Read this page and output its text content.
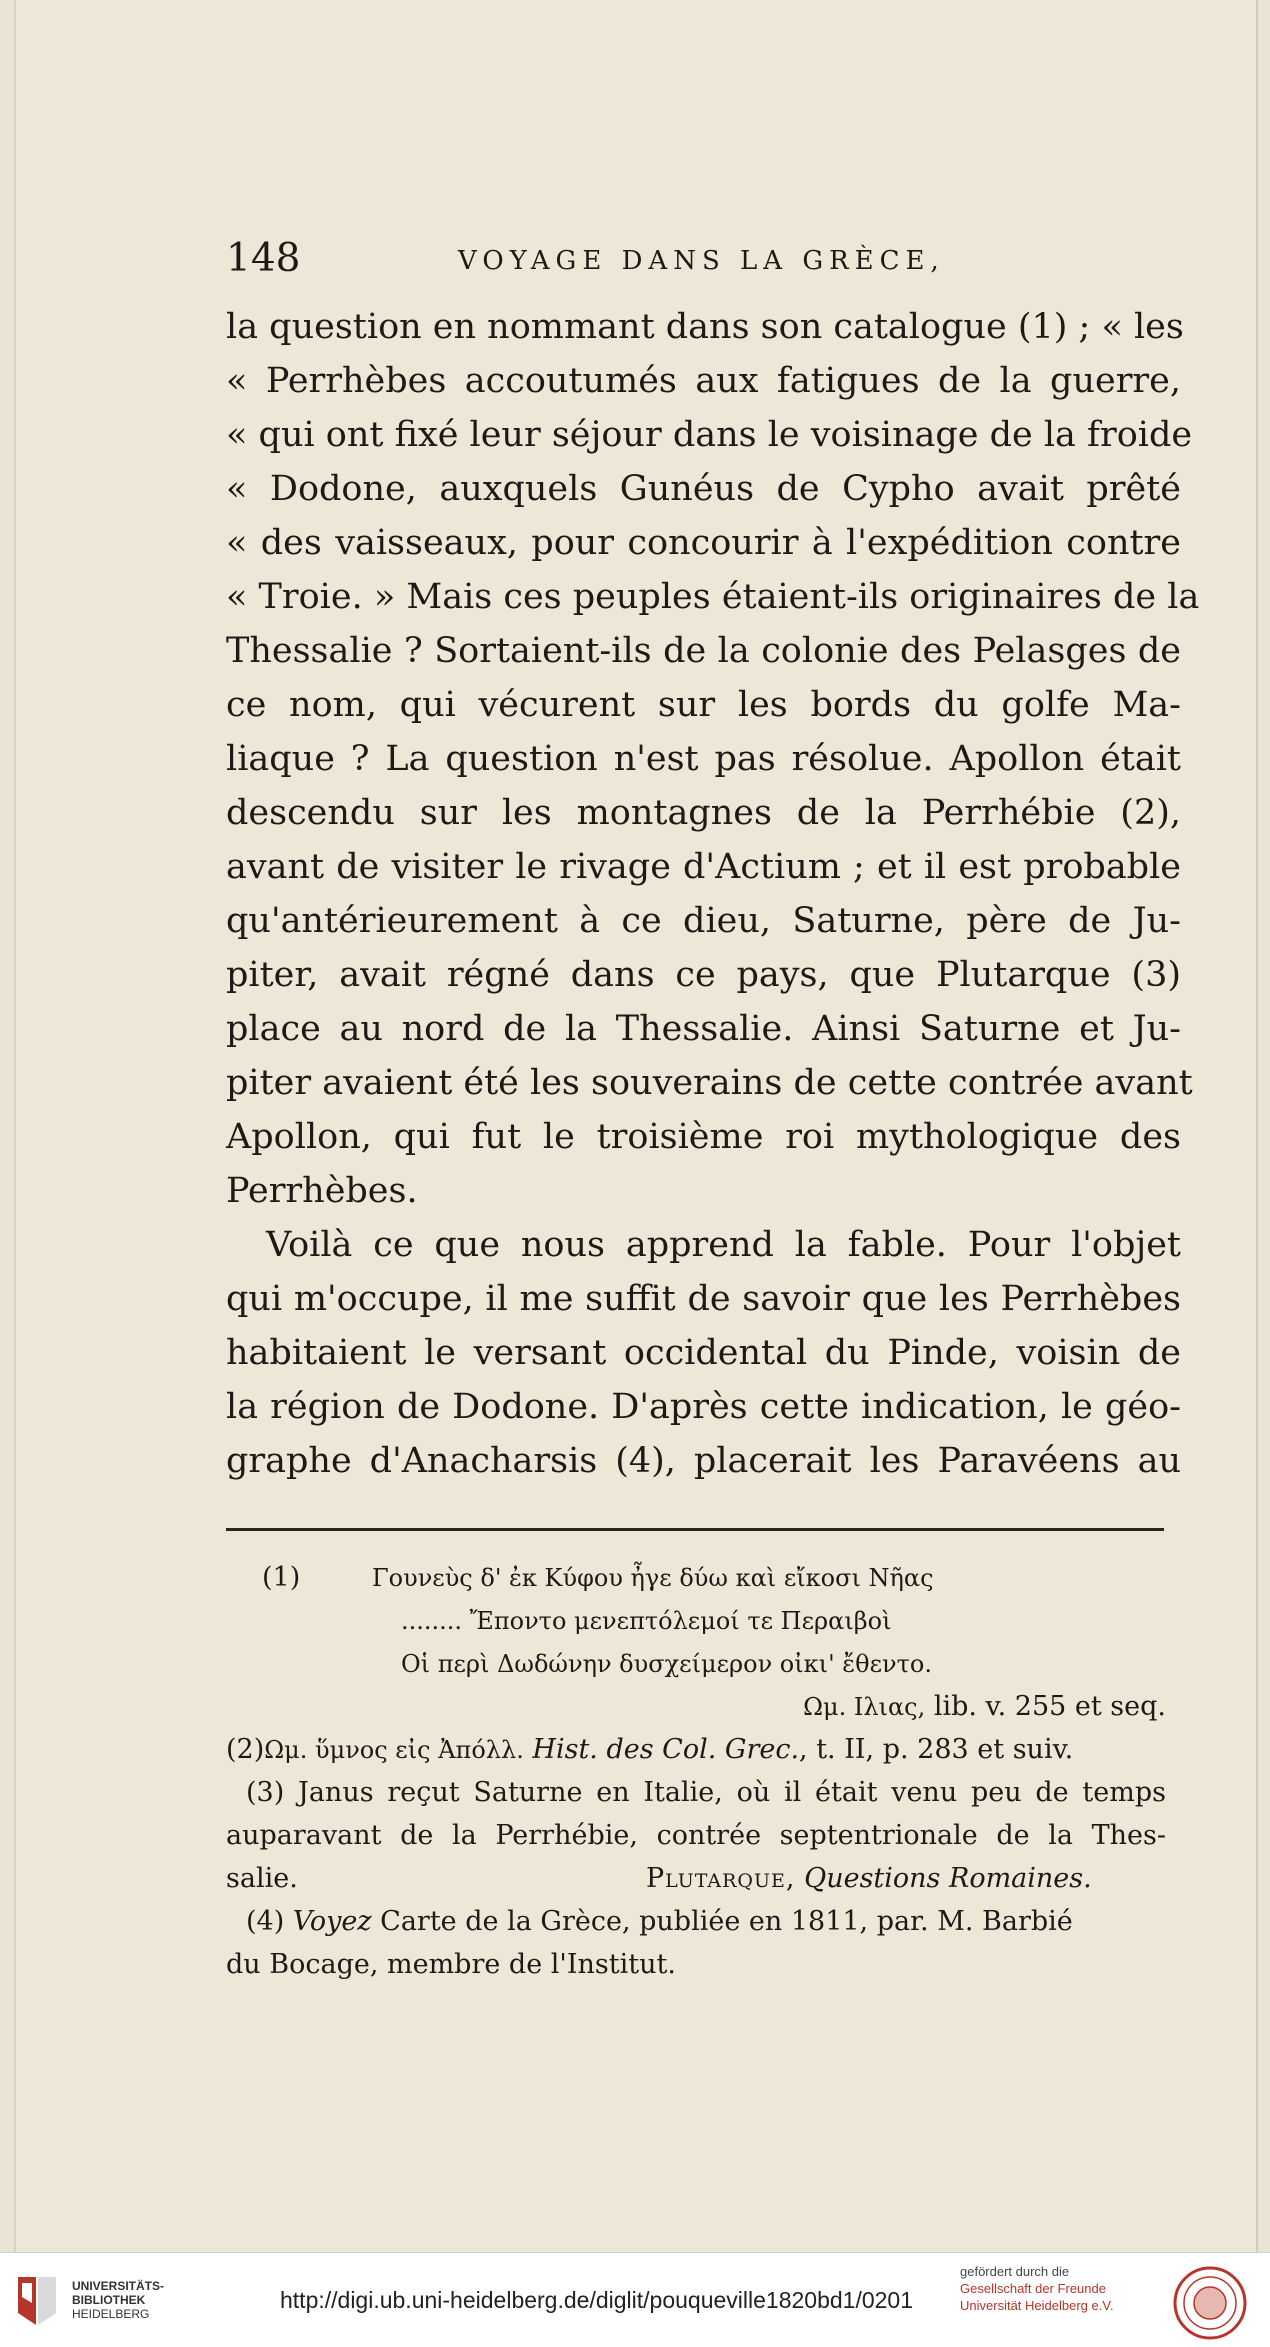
148	VOYAGE DANS LA GRÈCE,
la question en nommant dans son catalogue (1) ; « les
« Perrhèbes accoutumés aux fatigues de la guerre,
« qui ont fixé leur séjour dans le voisinage de la froide
« Dodone, auxquels Gunéus de Cypho avait prêté
« des vaisseaux, pour concourir à l'expédition contre
« Troie. » Mais ces peuples étaient-ils originaires de la
Thessalie ? Sortaient-ils de la colonie des Pelasges de
ce nom, qui vécurent sur les bords du golfe Ma-
liaque ? La question n'est pas résolue. Apollon était
descendu sur les montagnes de la Perrhébie (2),
avant de visiter le rivage d'Actium ; et il est probable
qu'antérieurement à ce dieu, Saturne, père de Ju-
piter, avait régné dans ce pays, que Plutarque (3)
place au nord de la Thessalie. Ainsi Saturne et Ju-
piter avaient été les souverains de cette contrée avant
Apollon, qui fut le troisième roi mythologique des
Perrhèbes.
Voilà ce que nous apprend la fable. Pour l'objet
qui m'occupe, il me suffit de savoir que les Perrhèbes
habitaient le versant occidental du Pinde, voisin de
la région de Dodone. D'après cette indication, le géo-
graphe d'Anacharsis (4), placerait les Paravéens au
(1)	Γουνεὺς δ' ἐκ Κύφου ἦγε δύω καὶ εἴκοσι Νῆας
........ Ἔποντο μενεπτόλεμοί τε Περαιβοὶ
Οἱ περὶ Δωδώνην δυσχείμερον οἰκι' ἔθεντο.
Ωμ. Ιλιας, lib. v. 255 et seq.
(2)Ωμ. ὕμνος εἰς Ἀπόλλ. Hist. des Col. Grec., t. II, p. 283 et suiv.
(3) Janus reçut Saturne en Italie, où il était venu peu de temps
auparavant de la Perrhébie, contrée septentrionale de la Thes-
salie.	Plutarque, Questions Romaines.
(4) Voyez Carte de la Grèce, publiée en 1811, par. M. Barbié
du Bocage, membre de l'Institut.
UNIVERSITÄTS-
BIBLIOTHEK
HEIDELBERG
http://digi.ub.uni-heidelberg.de/diglit/pouqueville1820bd1/0201
gefördert durch die
Gesellschaft der Freunde
Universität Heidelberg e.V.
